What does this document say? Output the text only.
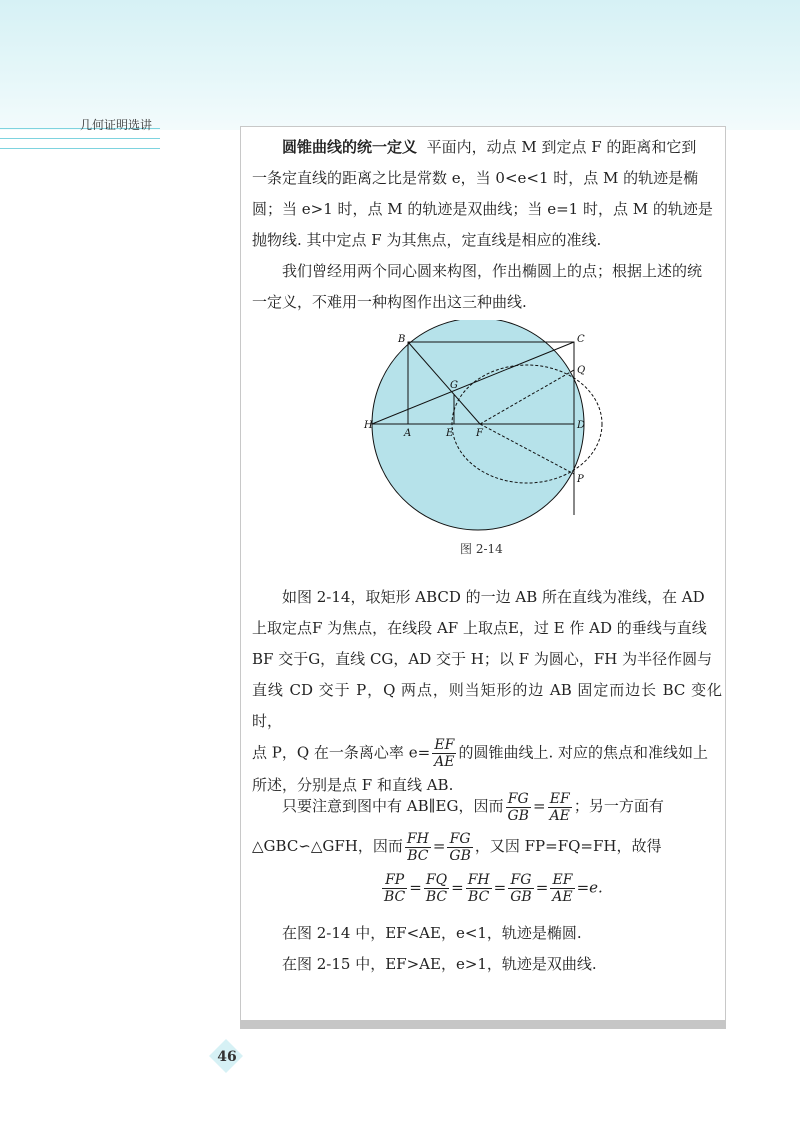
几何证明选讲

圆锥曲线的统一定义 平面内，动点 M 到定点 F 的距离和它到
一条定直线的距离之比是常数 e，当 0<e<1 时，点 M 的轨迹是椭
圆；当 e>1 时，点 M 的轨迹是双曲线；当 e=1 时，点 M 的轨迹是
抛物线. 其中定点 F 为其焦点，定直线是相应的准线.

我们曾经用两个同心圆来构图，作出椭圆上的点；根据上述的统
一定义，不难用一种构图作出这三种曲线.

B	C
Q
G
H
A	E F
D
P
图 2-14

如图 2-14，取矩形 ABCD 的一边 AB 所在直线为准线，在 AD
上取定点F 为焦点，在线段 AF 上取点E，过 E 作 AD 的垂线与直线
BF 交于G，直线 CG，AD 交于 H；以 F 为圆心，FH 为半径作圆与
直线 CD 交于 P，Q 两点，则当矩形的边 AB 固定而边长 BC 变化时，
点 P，Q 在一条离心率 $e= \frac{EF}{AE}$ 的圆锥曲线上. 对应的焦点和准线如上
所述，分别是点 F 和直线 AB.

只要注意到图中有 AB∥EG，因而 $\frac{FG}{GB} = \frac{EF}{AE}$ ；另一方面有
△GBC∽△GFH，因而 $\frac{FH}{BC} = \frac{FG}{GB}$ ，又因 FP=FQ=FH，故得

$\frac{FP}{BC} = \frac{FQ}{BC} = \frac{FH}{BC} = \frac{FG}{GB} = \frac{EF}{AE} =e$.

在图 2-14 中，EF<AE，e<1，轨迹是椭圆.
在图 2-15 中，EF>AE，e>1，轨迹是双曲线.

46
